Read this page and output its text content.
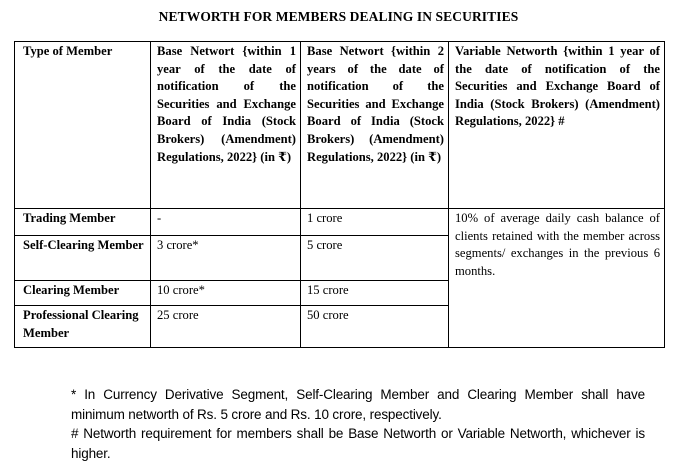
NETWORTH FOR MEMBERS DEALING IN SECURITIES
Type of Member	Base Networt {within 1 year of the date of notification of the Securities and Exchange Board of India (Stock Brokers) (Amendment) Regulations, 2022} (in ₹)	Base Networt {within 2 years of the date of notification of the Securities and Exchange Board of India (Stock Brokers) (Amendment) Regulations, 2022} (in ₹)	Variable Networth {within 1 year of the date of notification of the Securities and Exchange Board of India (Stock Brokers) (Amendment) Regulations, 2022} #
Trading Member	-	1 crore	10% of average daily cash balance of clients retained with the member across segments/ exchanges in the previous 6 months.
Self-Clearing Member	3 crore*	5 crore	
Clearing Member	10 crore*	15 crore	
Professional Clearing Member	25 crore	50 crore	

* In Currency Derivative Segment, Self-Clearing Member and Clearing Member shall have minimum networth of Rs. 5 crore and Rs. 10 crore, respectively.

# Networth requirement for members shall be Base Networth or Variable Networth, whichever is higher.
